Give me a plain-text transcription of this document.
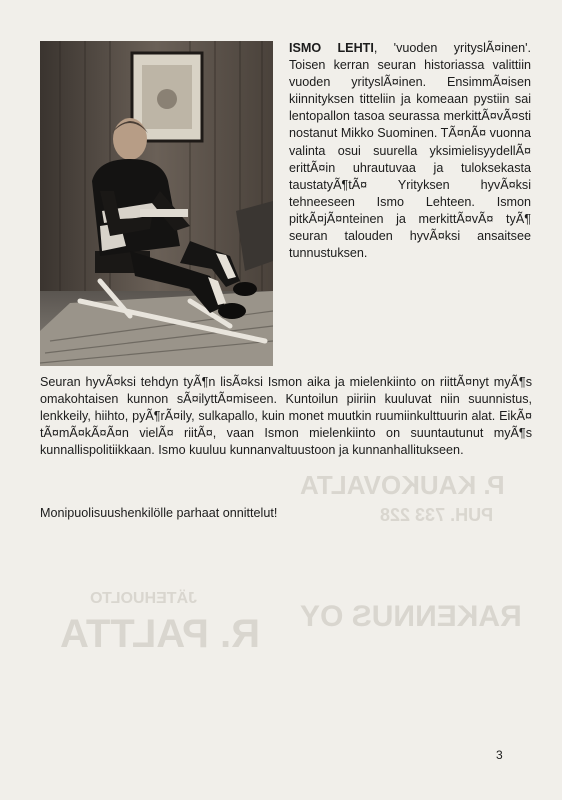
P. KAUKOVALTA
PUH. 733 228
R. PALTTA RAKENNUS OY
JÄTEHUOLTO

ISMO LEHTI, 'vuoden yrityslÃ¤inen'. Toisen kerran seuran historiassa valittiin vuoden yrityslÃ¤inen. EnsimmÃ¤isen kiinnityksen titteliin ja komeaan pystiin sai lentopallon tasoa seurassa merkittÃ¤vÃ¤sti nostanut Mikko Suominen. TÃ¤nÃ¤ vuonna valinta osui suurella yksimielisyydellÃ¤ erittÃ¤in uhrautuvaa ja tuloksekasta taustatyÃ¶tÃ¤ Yrityksen hyvÃ¤ksi tehneeseen Ismo Lehteen. Ismon pitkÃ¤jÃ¤nteinen ja merkittÃ¤vÃ¤ tyÃ¶ seuran talouden hyvÃ¤ksi ansaitsee tunnustuksen.

Seuran hyvÃ¤ksi tehdyn tyÃ¶n lisÃ¤ksi Ismon aika ja mielenkiinto on riittÃ¤nyt myÃ¶s omakohtaisen kunnon sÃ¤ilyttÃ¤miseen. Kuntoilun piiriin kuuluvat niin suunnistus, lenkkeily, hiihto, pyÃ¶rÃ¤ily, sulkapallo, kuin monet muutkin ruumiinkulttuurin alat. EikÃ¤ tÃ¤mÃ¤kÃ¤Ã¤n vielÃ¤ riitÃ¤, vaan Ismon mielenkiinto on suuntautunut myÃ¶s kunnallispolitiikkaan. Ismo kuuluu kunnanvaltuustoon ja kunnanhallitukseen.

Monipuolisuushenkilölle parhaat onnittelut!

3
